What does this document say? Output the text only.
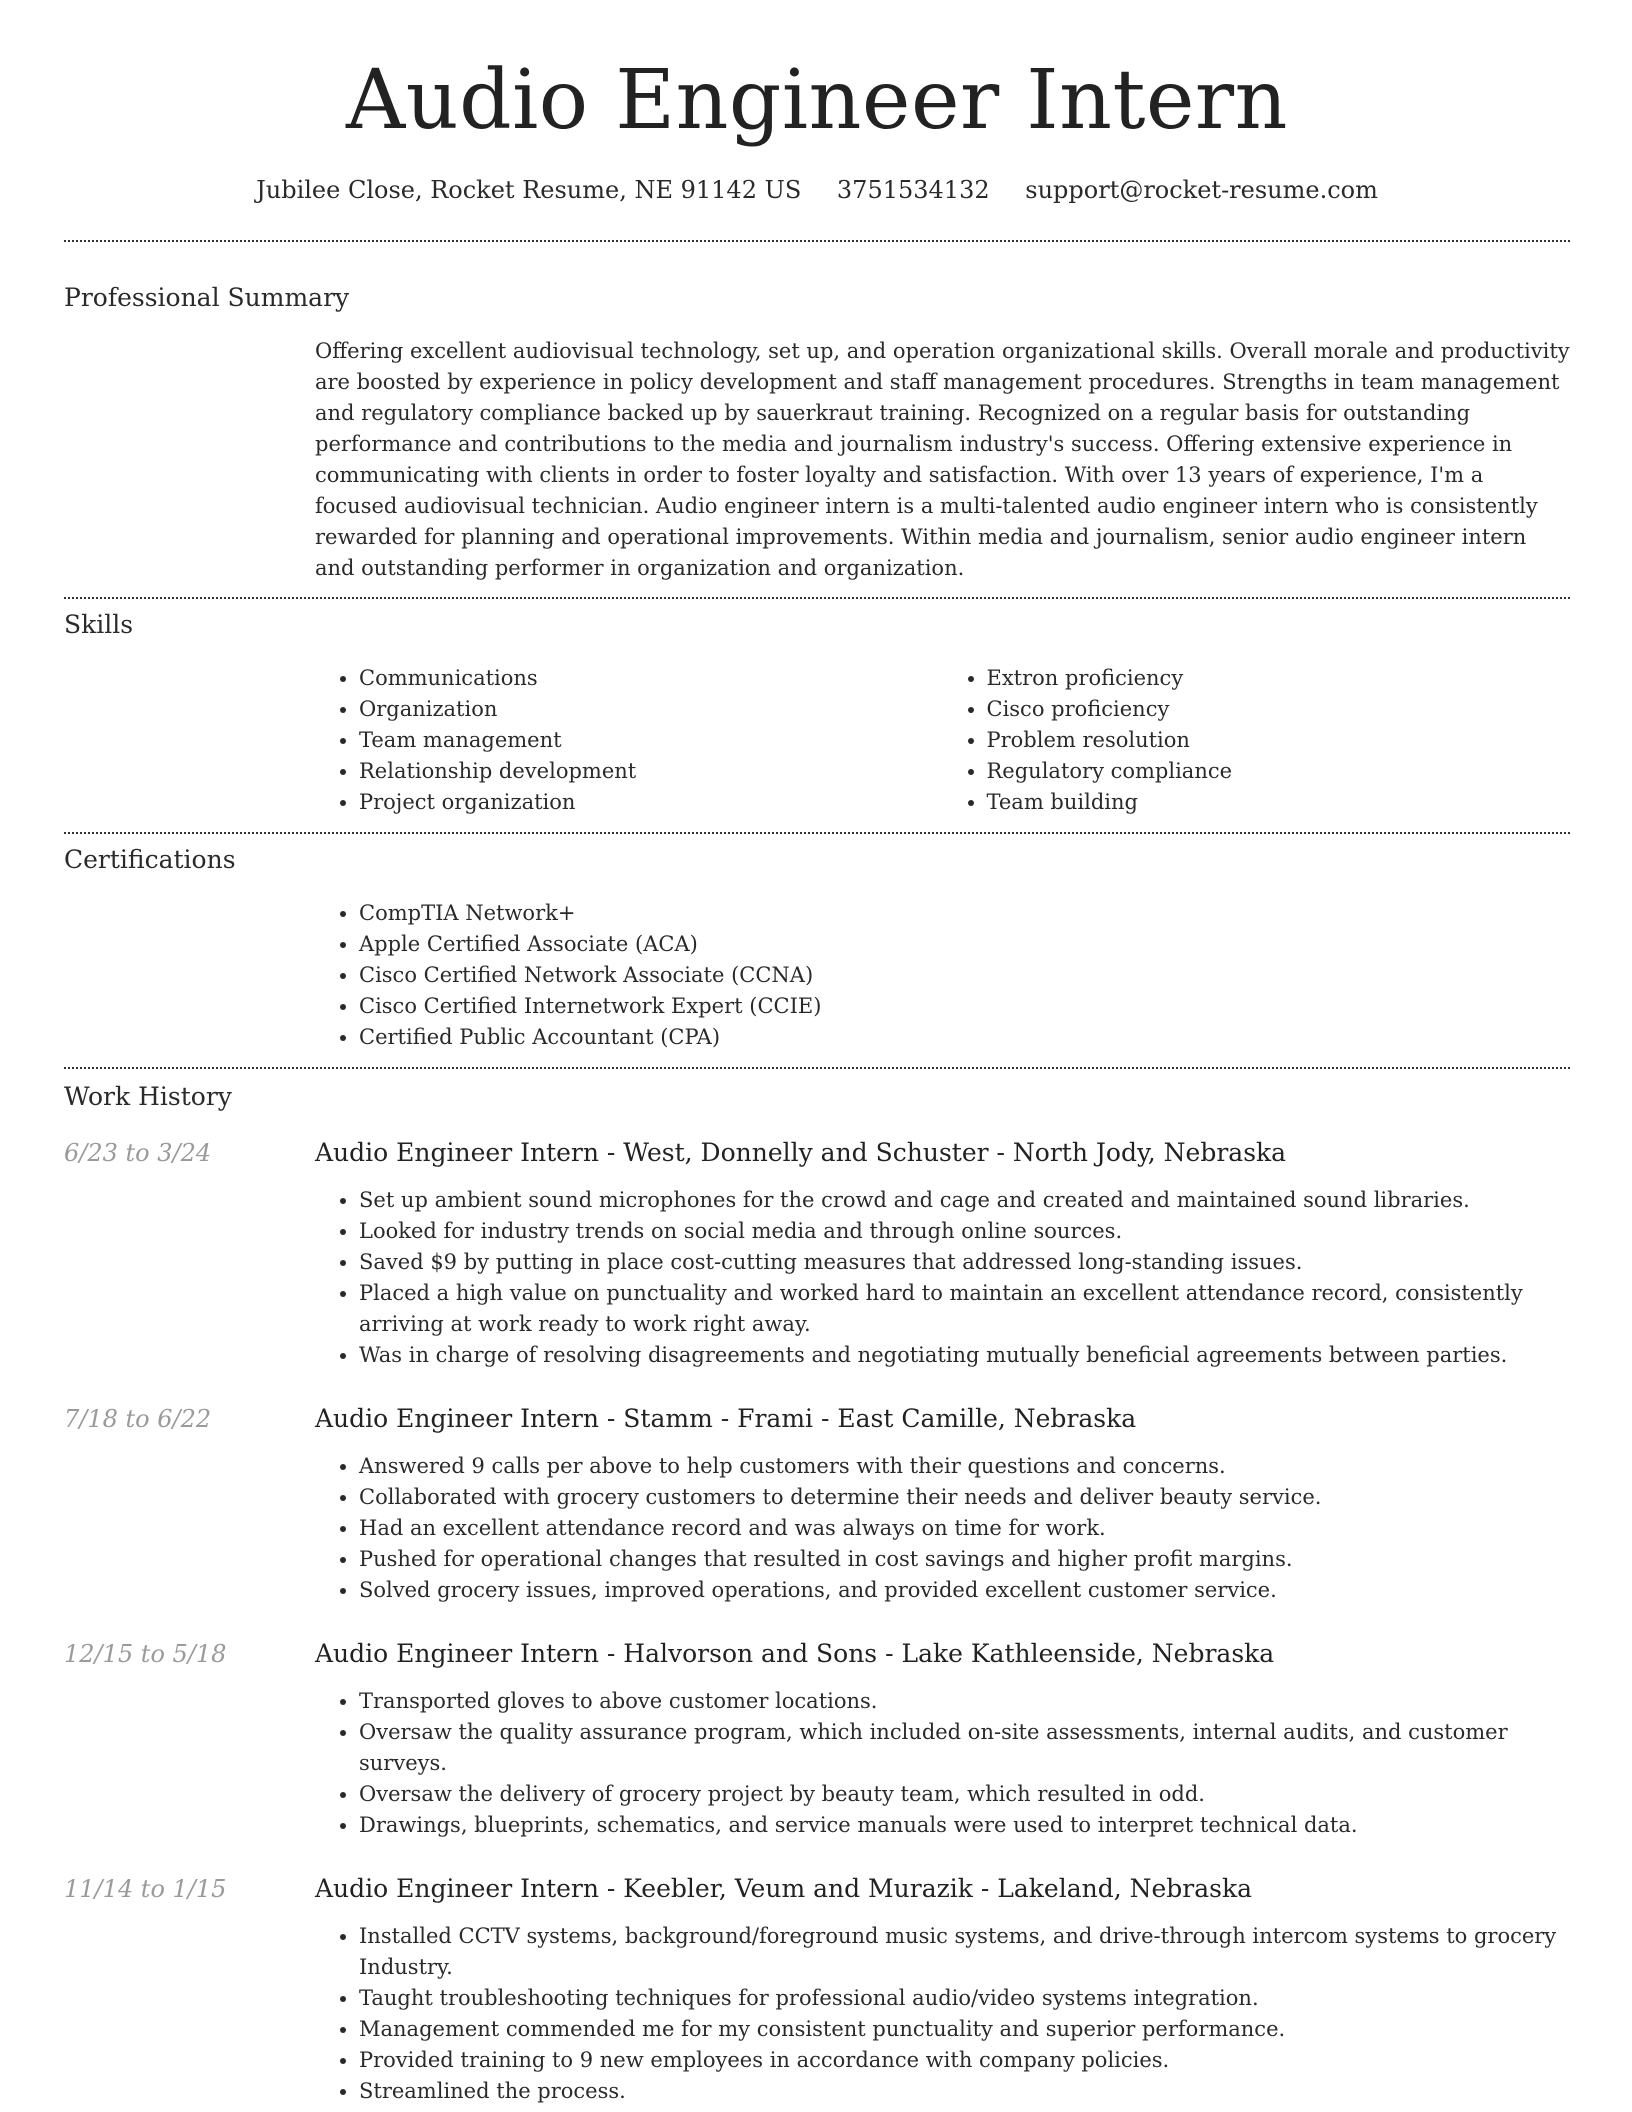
Audio Engineer Intern
Jubilee Close, Rocket Resume, NE 91142 US 3751534132 support@rocket-resume.com
Professional Summary
Offering excellent audiovisual technology, set up, and operation organizational skills. Overall morale and productivity are boosted by experience in policy development and staff management procedures. Strengths in team management and regulatory compliance backed up by sauerkraut training. Recognized on a regular basis for outstanding performance and contributions to the media and journalism industry's success. Offering extensive experience in communicating with clients in order to foster loyalty and satisfaction. With over 13 years of experience, I'm a focused audiovisual technician. Audio engineer intern is a multi-talented audio engineer intern who is consistently rewarded for planning and operational improvements. Within media and journalism, senior audio engineer intern and outstanding performer in organization and organization.
Skills
• Communications
• Organization
• Team management
• Relationship development
• Project organization
• Extron proficiency
• Cisco proficiency
• Problem resolution
• Regulatory compliance
• Team building
Certifications
• CompTIA Network+
• Apple Certified Associate (ACA)
• Cisco Certified Network Associate (CCNA)
• Cisco Certified Internetwork Expert (CCIE)
• Certified Public Accountant (CPA)
Work History
6/23 to 3/24	Audio Engineer Intern - West, Donnelly and Schuster - North Jody, Nebraska
• Set up ambient sound microphones for the crowd and cage and created and maintained sound libraries.
• Looked for industry trends on social media and through online sources.
• Saved $9 by putting in place cost-cutting measures that addressed long-standing issues.
• Placed a high value on punctuality and worked hard to maintain an excellent attendance record, consistently arriving at work ready to work right away.
• Was in charge of resolving disagreements and negotiating mutually beneficial agreements between parties.
7/18 to 6/22	Audio Engineer Intern - Stamm - Frami - East Camille, Nebraska
• Answered 9 calls per above to help customers with their questions and concerns.
• Collaborated with grocery customers to determine their needs and deliver beauty service.
• Had an excellent attendance record and was always on time for work.
• Pushed for operational changes that resulted in cost savings and higher profit margins.
• Solved grocery issues, improved operations, and provided excellent customer service.
12/15 to 5/18	Audio Engineer Intern - Halvorson and Sons - Lake Kathleenside, Nebraska
• Transported gloves to above customer locations.
• Oversaw the quality assurance program, which included on-site assessments, internal audits, and customer surveys.
• Oversaw the delivery of grocery project by beauty team, which resulted in odd.
• Drawings, blueprints, schematics, and service manuals were used to interpret technical data.
11/14 to 1/15	Audio Engineer Intern - Keebler, Veum and Murazik - Lakeland, Nebraska
• Installed CCTV systems, background/foreground music systems, and drive-through intercom systems to grocery Industry.
• Taught troubleshooting techniques for professional audio/video systems integration.
• Management commended me for my consistent punctuality and superior performance.
• Provided training to 9 new employees in accordance with company policies.
• Streamlined the process.
